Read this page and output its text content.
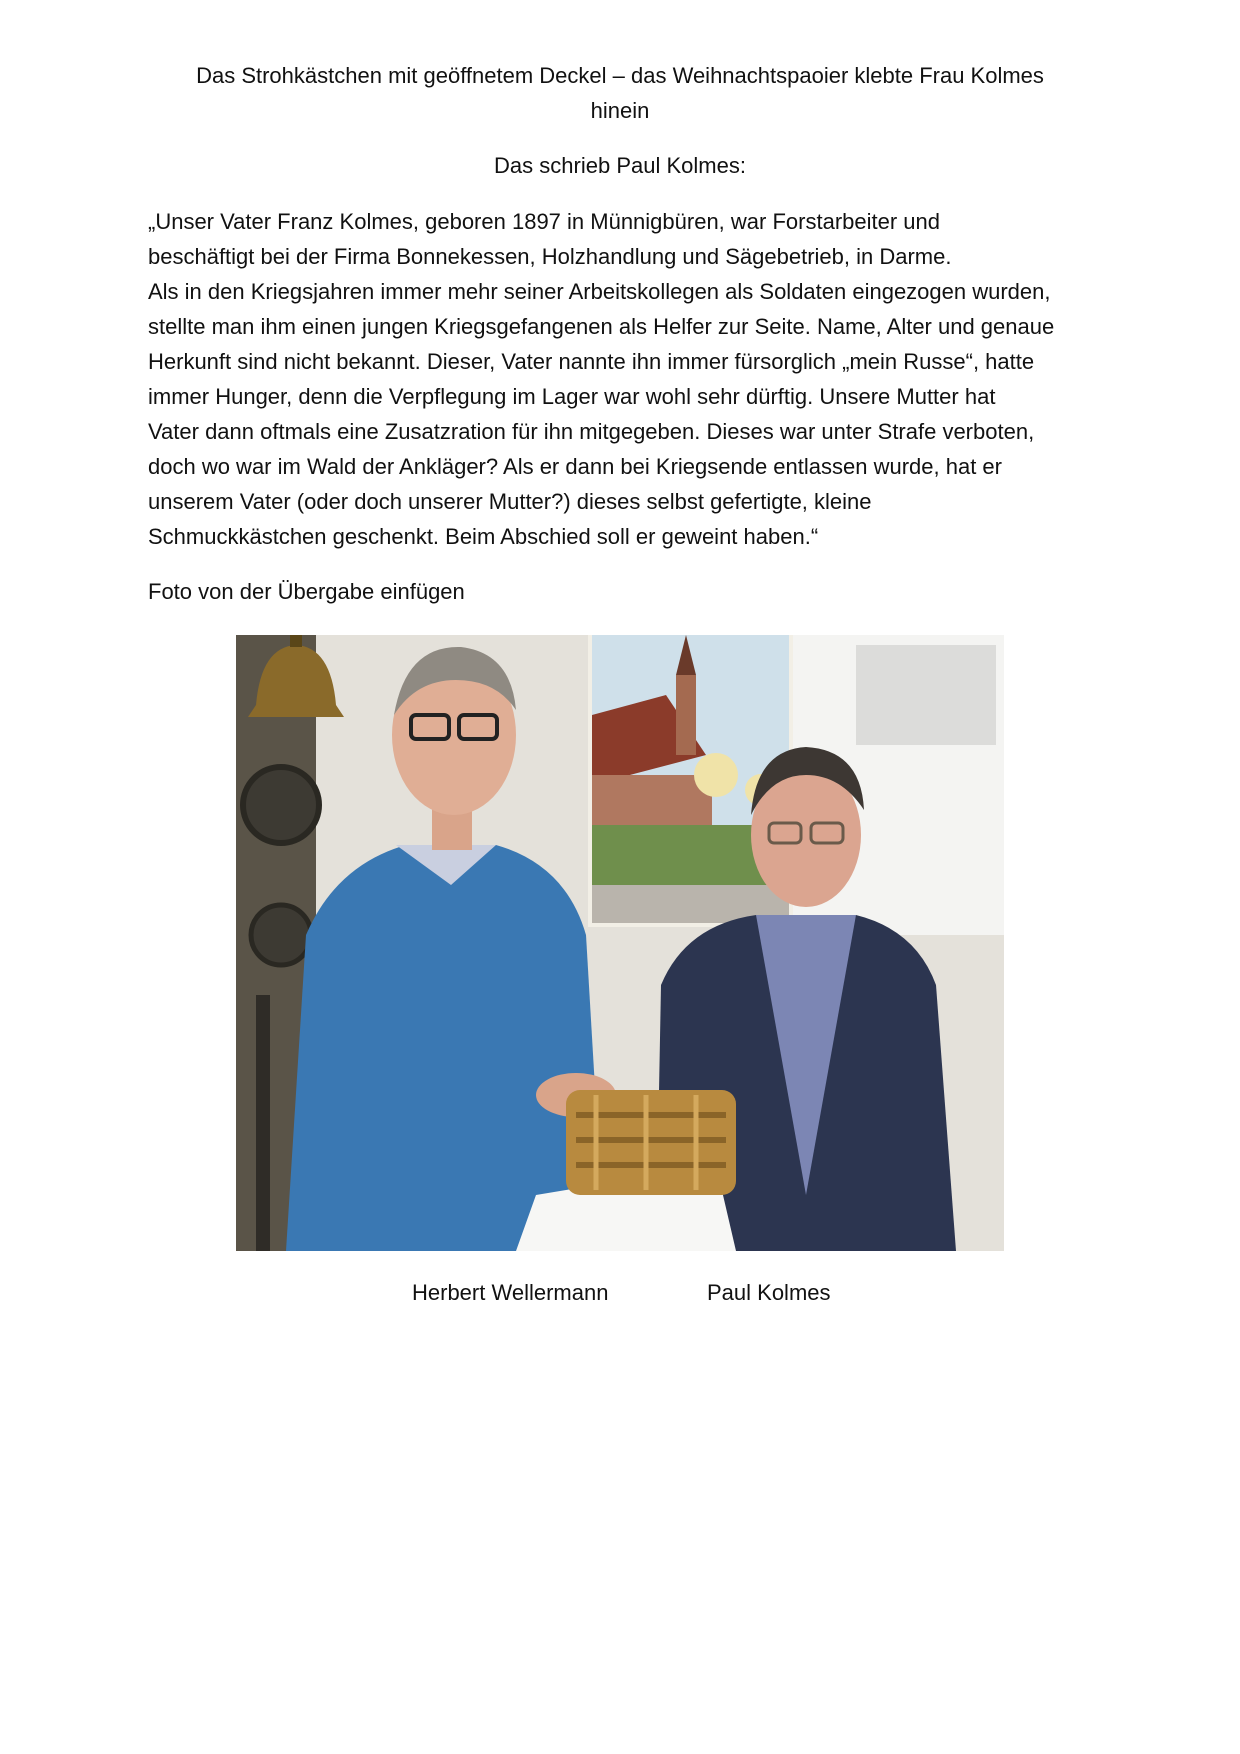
Das Strohkästchen mit geöffnetem Deckel – das Weihnachtspaoier klebte Frau Kolmes hinein
Das schrieb Paul Kolmes:
„Unser Vater Franz Kolmes, geboren 1897 in Münnigbüren, war Forstarbeiter und
beschäftigt bei der Firma Bonnekessen, Holzhandlung und Sägebetrieb, in Darme.
Als in den Kriegsjahren immer mehr seiner Arbeitskollegen als Soldaten eingezogen wurden,
stellte man ihm einen jungen Kriegsgefangenen als Helfer zur Seite. Name, Alter und genaue
Herkunft sind nicht bekannt. Dieser, Vater nannte ihn immer fürsorglich „mein Russe“, hatte
immer Hunger, denn die Verpflegung im Lager war wohl sehr dürftig. Unsere Mutter hat
Vater dann oftmals eine Zusatzration für ihn mitgegeben. Dieses war unter Strafe verboten,
doch wo war im Wald der Ankläger? Als er dann bei Kriegsende entlassen wurde, hat er
unserem Vater (oder doch unserer Mutter?) dieses selbst gefertigte, kleine
Schmuckkästchen geschenkt. Beim Abschied soll er geweint haben.“
Foto von der Übergabe einfügen
Herbert Wellermann	Paul Kolmes
